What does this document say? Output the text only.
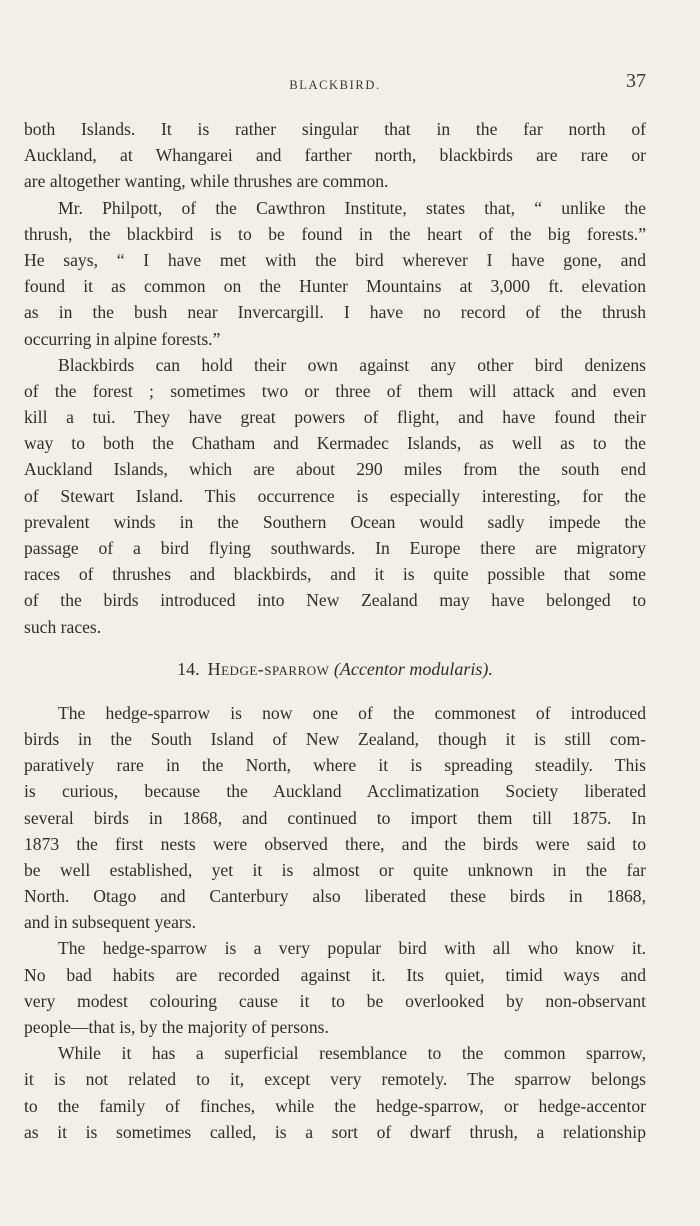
BLACKBIRD.	37
both Islands. It is rather singular that in the far north of
Auckland, at Whangarei and farther north, blackbirds are rare or
are altogether wanting, while thrushes are common.
Mr. Philpott, of the Cawthron Institute, states that, “ unlike the
thrush, the blackbird is to be found in the heart of the big forests.”
He says, “ I have met with the bird wherever I have gone, and
found it as common on the Hunter Mountains at 3,000 ft. elevation
as in the bush near Invercargill. I have no record of the thrush
occurring in alpine forests.”
Blackbirds can hold their own against any other bird denizens
of the forest ; sometimes two or three of them will attack and even
kill a tui. They have great powers of flight, and have found their
way to both the Chatham and Kermadec Islands, as well as to the
Auckland Islands, which are about 290 miles from the south end
of Stewart Island. This occurrence is especially interesting, for the
prevalent winds in the Southern Ocean would sadly impede the
passage of a bird flying southwards. In Europe there are migratory
races of thrushes and blackbirds, and it is quite possible that some
of the birds introduced into New Zealand may have belonged to
such races.
14. Hedge-sparrow (Accentor modularis).
The hedge-sparrow is now one of the commonest of introduced
birds in the South Island of New Zealand, though it is still com-
paratively rare in the North, where it is spreading steadily. This
is curious, because the Auckland Acclimatization Society liberated
several birds in 1868, and continued to import them till 1875. In
1873 the first nests were observed there, and the birds were said to
be well established, yet it is almost or quite unknown in the far
North. Otago and Canterbury also liberated these birds in 1868,
and in subsequent years.
The hedge-sparrow is a very popular bird with all who know it.
No bad habits are recorded against it. Its quiet, timid ways and
very modest colouring cause it to be overlooked by non-observant
people—that is, by the majority of persons.
While it has a superficial resemblance to the common sparrow,
it is not related to it, except very remotely. The sparrow belongs
to the family of finches, while the hedge-sparrow, or hedge-accentor
as it is sometimes called, is a sort of dwarf thrush, a relationship
